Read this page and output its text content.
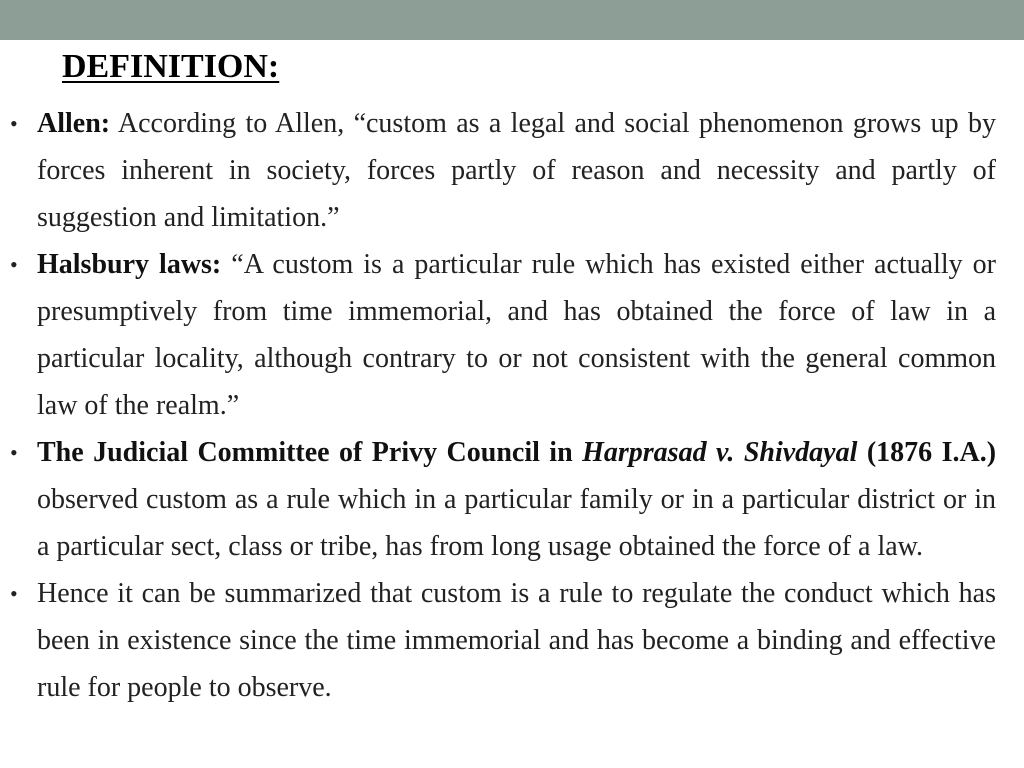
DEFINITION:
• Allen: According to Allen, “custom as a legal and social phenomenon grows up by forces inherent in society, forces partly of reason and necessity and partly of suggestion and limitation.”
• Halsbury laws: “A custom is a particular rule which has existed either actually or presumptively from time immemorial, and has obtained the force of law in a particular locality, although contrary to or not consistent with the general common law of the realm.”
• The Judicial Committee of Privy Council in Harprasad v. Shivdayal (1876 I.A.) observed custom as a rule which in a particular family or in a particular district or in a particular sect, class or tribe, has from long usage obtained the force of a law.
• Hence it can be summarized that custom is a rule to regulate the conduct which has been in existence since the time immemorial and has become a binding and effective rule for people to observe.
